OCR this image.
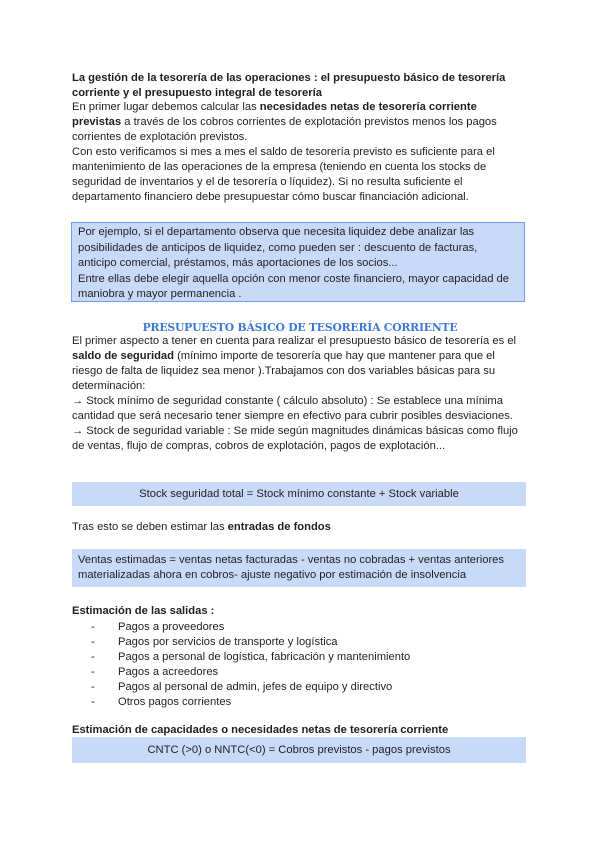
La gestión de la tesorería de las operaciones : el presupuesto básico de tesorería corriente y el presupuesto integral de tesorería

En primer lugar debemos calcular las necesidades netas de tesorería corriente previstas a través de los cobros corrientes de explotación previstos menos los pagos corrientes de explotación previstos.

Con esto verificamos si mes a mes el saldo de tesorería previsto es suficiente para el mantenimiento de las operaciones de la empresa (teniendo en cuenta los stocks de seguridad de inventarios y el de tesorería o líquidez). Si no resulta suficiente el departamento financiero debe presupuestar cómo buscar financiación adicional.

Por ejemplo, si el departamento observa que necesita liquidez debe analizar las posibilidades de anticipos de liquidez, como pueden ser : descuento de facturas, anticipo comercial, préstamos, más aportaciones de los socios...

Entre ellas debe elegir aquella opción con menor coste financiero, mayor capacidad de maniobra y mayor permanencia .

PRESUPUESTO BÁSICO DE TESORERÍA CORRIENTE

El primer aspecto a tener en cuenta para realizar el presupuesto básico de tesorería es el saldo de seguridad (mínimo importe de tesorería que hay que mantener para que el riesgo de falta de liquidez sea menor ).Trabajamos con dos variables básicas para su determinación:

→ Stock mínimo de seguridad constante ( cálculo absoluto) : Se establece una mínima cantidad que será necesario tener siempre en efectivo para cubrir posibles desviaciones.

→ Stock de seguridad variable : Se mide según magnitudes dinámicas básicas como flujo de ventas, flujo de compras, cobros de explotación, pagos de explotación...

Stock seguridad total = Stock mínimo constante + Stock variable
Tras esto se deben estimar las entradas de fondos
Ventas estimadas = ventas netas facturadas - ventas no cobradas + ventas anteriores materializadas ahora en cobros- ajuste negativo por estimación de insolvencia
Estimación de las salidas :
- Pagos a proveedores
- Pagos por servicios de transporte y logística
- Pagos a personal de logística, fabricación y mantenimiento
- Pagos a acreedores
- Pagos al personal de admin, jefes de equipo y directivo
- Otros pagos corrientes
Estimación de capacidades o necesidades netas de tesorería corriente
CNTC (>0) o NNTC(<0) = Cobros previstos - pagos previstos
